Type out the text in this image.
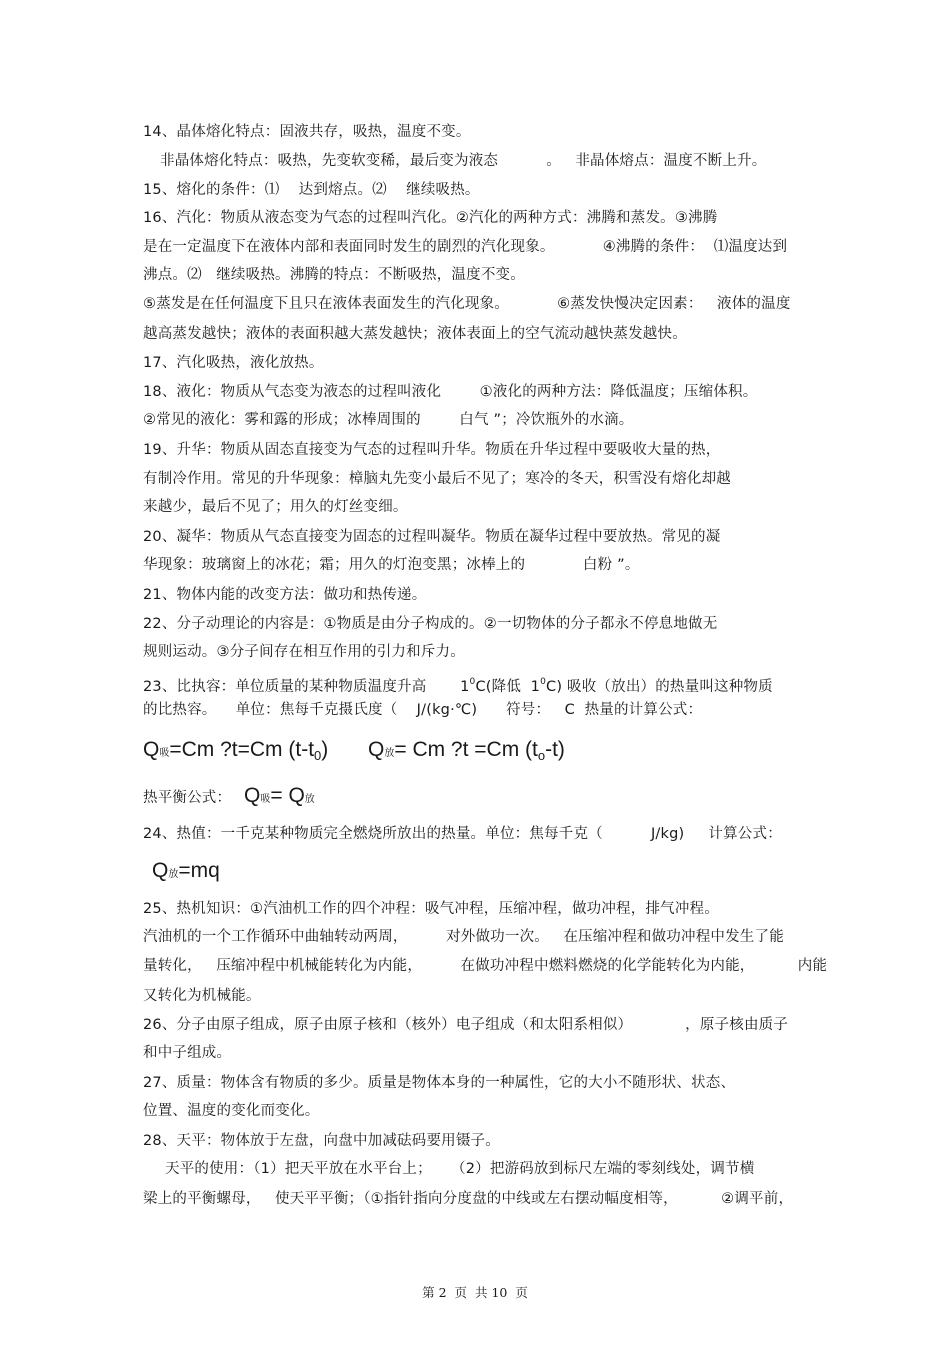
14、晶体熔化特点：固液共存，吸热，温度不变。
非晶体熔化特点：吸热，先变软变稀，最后变为液态          。   非晶体熔点：温度不断上升。
15、熔化的条件：⑴    达到熔点。⑵    继续吸热。
16、汽化：物质从液态变为气态的过程叫汽化。②汽化的两种方式：沸腾和蒸发。③沸腾
是在一定温度下在液体内部和表面同时发生的剧烈的汽化现象。          ④沸腾的条件：  ⑴温度达到
沸点。⑵   继续吸热。沸腾的特点：不断吸热，温度不变。
⑤蒸发是在任何温度下且只在液体表面发生的汽化现象。          ⑥蒸发快慢决定因素：   液体的温度
越高蒸发越快；液体的表面积越大蒸发越快；液体表面上的空气流动越快蒸发越快。
17、汽化吸热，液化放热。
18、液化：物质从气态变为液态的过程叫液化        ①液化的两种方法：降低温度；压缩体积。
②常见的液化：雾和露的形成；冰棒周围的        白气 ”；冷饮瓶外的水滴。
19、升华：物质从固态直接变为气态的过程叫升华。物质在升华过程中要吸收大量的热，
有制冷作用。常见的升华现象：樟脑丸先变小最后不见了；寒冷的冬天，积雪没有熔化却越
来越少，最后不见了；用久的灯丝变细。
20、凝华：物质从气态直接变为固态的过程叫凝华。物质在凝华过程中要放热。常见的凝
华现象：玻璃窗上的冰花；霜；用久的灯泡变黑；冰棒上的            白粉 ”。
21、物体内能的改变方法：做功和热传递。
22、分子动理论的内容是：①物质是由分子构成的。②一切物体的分子都永不停息地做无
规则运动。③分子间存在相互作用的引力和斥力。
23、比执容：单位质量的某种物质温度升高       $1^0C$(降低  $1^0C$) 吸收（放出）的热量叫这种物质
的比热容。    单位：焦每千克摄氏度（    J/(kg·℃)      符号：   C  热量的计算公式：
Q吸=Cm ?t=Cm (t-t0) Q放= Cm ?t =Cm (to-t)
热平衡公式： Q吸= Q放
24、热值：一千克某种物质完全燃烧所放出的热量。单位：焦每千克（          J/kg)     计算公式：
Q放=mq
25、热机知识：①汽油机工作的四个冲程：吸气冲程，压缩冲程，做功冲程，排气冲程。
汽油机的一个工作循环中曲轴转动两周，        对外做功一次。   在压缩冲程和做功冲程中发生了能
量转化，   压缩冲程中机械能转化为内能，        在做功冲程中燃料燃烧的化学能转化为内能，         内能
又转化为机械能。
26、分子由原子组成，原子由原子核和（核外）电子组成（和太阳系相似）           ，原子核由质子
和中子组成。
27、质量：物体含有物质的多少。质量是物体本身的一种属性，它的大小不随形状、状态、
位置、温度的变化而变化。
28、天平：物体放于左盘，向盘中加减砝码要用镊子。
天平的使用：（1）把天平放在水平台上；    （2）把游码放到标尺左端的零刻线处，调节横
梁上的平衡螺母，   使天平平衡；（①指针指向分度盘的中线或左右摆动幅度相等，         ②调平前，
第 2  页  共 10  页
